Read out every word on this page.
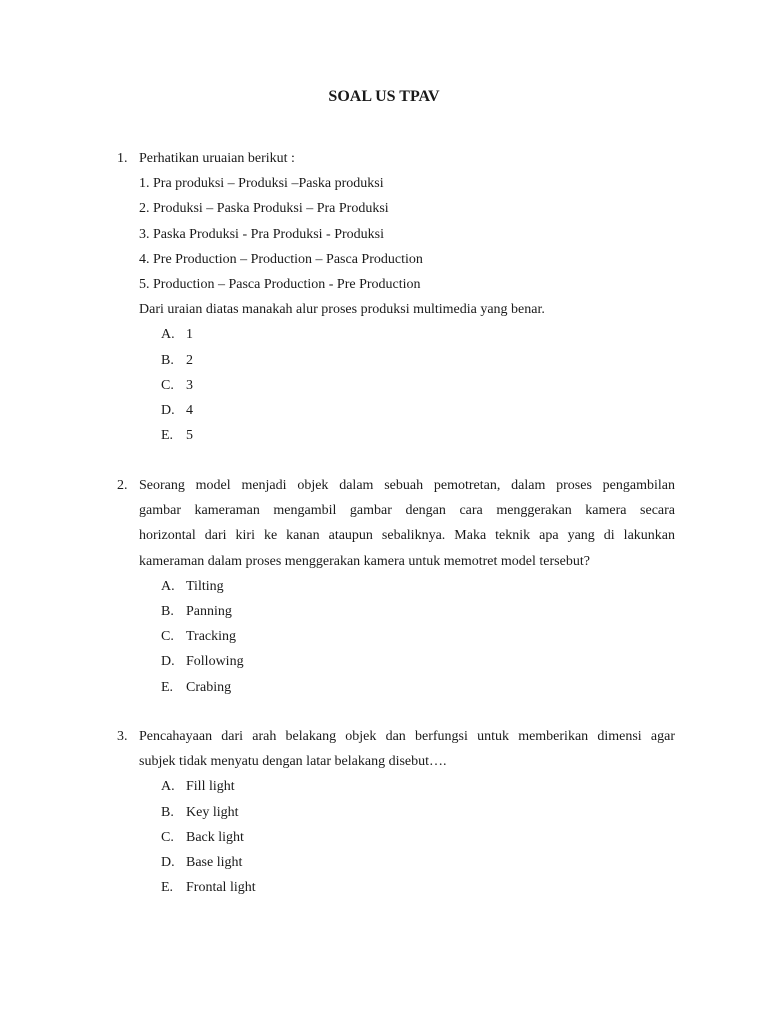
SOAL US TPAV
1. Perhatikan uruaian berikut :
1. Pra produksi – Produksi –Paska produksi
2. Produksi – Paska Produksi – Pra Produksi
3. Paska Produksi - Pra Produksi - Produksi
4. Pre Production – Production – Pasca Production
5. Production – Pasca Production - Pre Production
Dari uraian diatas manakah alur proses produksi multimedia yang benar.
A. 1
B. 2
C. 3
D. 4
E. 5
2. Seorang model menjadi objek dalam sebuah pemotretan, dalam proses pengambilan
gambar kameraman mengambil gambar dengan cara menggerakan kamera secara
horizontal dari kiri ke kanan ataupun sebaliknya. Maka teknik apa yang di lakunkan
kameraman dalam proses menggerakan kamera untuk memotret model tersebut?
A. Tilting
B. Panning
C. Tracking
D. Following
E. Crabing
3. Pencahayaan dari arah belakang objek dan berfungsi untuk memberikan dimensi agar
subjek tidak menyatu dengan latar belakang disebut….
A. Fill light
B. Key light
C. Back light
D. Base light
E. Frontal light
